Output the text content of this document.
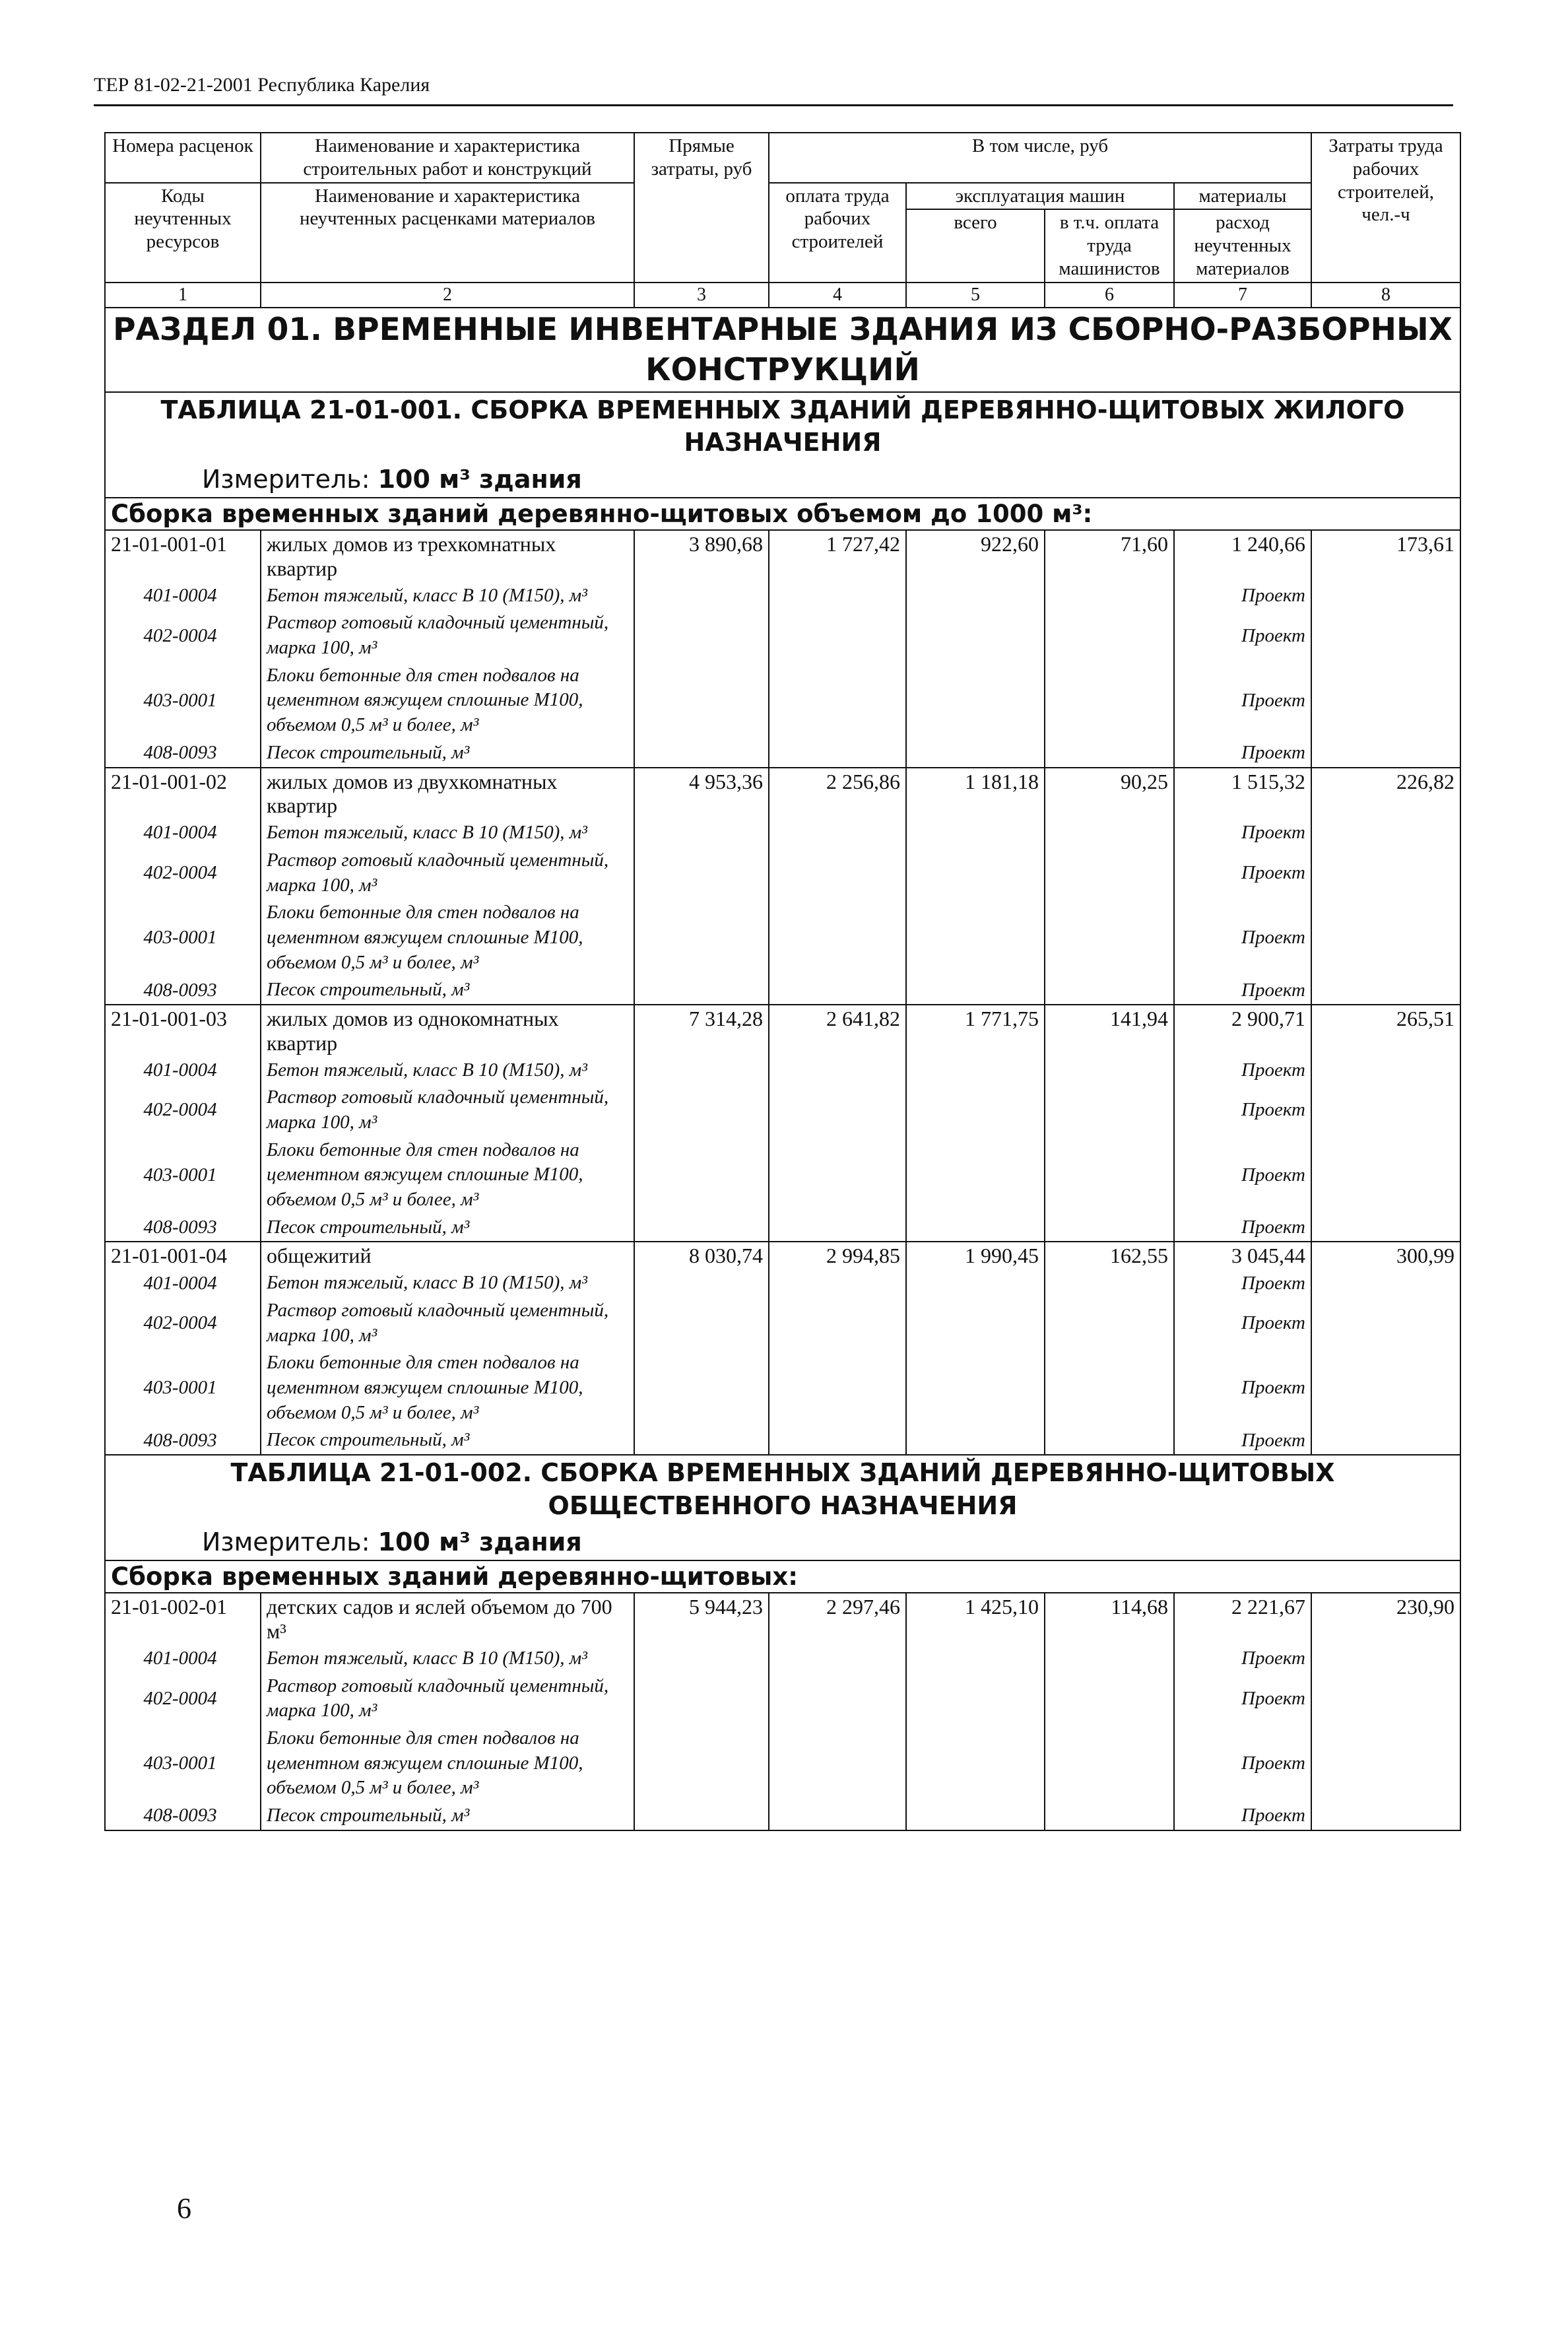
ТЕР 81-02-21-2001 Республика Карелия
Номера расценок	Наименование и характеристика строительных работ и конструкций	Прямые затраты, руб	В том числе, руб				Затраты труда рабочих строителей, чел.-ч
Коды неучтенных ресурсов	Наименование и характеристика неучтенных расценками материалов		оплата труда рабочих строителей	эксплуатация машин		материалы	
				всего	в т.ч. оплата труда машинистов	расход неучтенных материалов	
1	2	3	4	5	6	7	8
РАЗДЕЛ 01. ВРЕМЕННЫЕ ИНВЕНТАРНЫЕ ЗДАНИЯ ИЗ СБОРНО-РАЗБОРНЫХ КОНСТРУКЦИЙ							

ТАБЛИЦА 21-01-001. СБОРКА ВРЕМЕННЫХ ЗДАНИЙ ДЕРЕВЯННО-ЩИТОВЫХ ЖИЛОГО НАЗНАЧЕНИЯ
Измеритель: 100 м³ здания							

Сборка временных зданий деревянно-щитовых объемом до 1000 м³:							
21-01-001-01	жилых домов из трехкомнатных квартир	3 890,68	1 727,42	922,60	71,60	1 240,66	173,61
401-0004	Бетон тяжелый, класс В 10 (М150), м³					Проект	
402-0004	Раствор готовый кладочный цементный, марка 100, м³					Проект	
403-0001	Блоки бетонные для стен подвалов на цементном вяжущем сплошные М100, объемом 0,5 м³ и более, м³					Проект	
408-0093	Песок строительный, м³					Проект	
21-01-001-02	жилых домов из двухкомнатных квартир	4 953,36	2 256,86	1 181,18	90,25	1 515,32	226,82
401-0004	Бетон тяжелый, класс В 10 (М150), м³					Проект	
402-0004	Раствор готовый кладочный цементный, марка 100, м³					Проект	
403-0001	Блоки бетонные для стен подвалов на цементном вяжущем сплошные М100, объемом 0,5 м³ и более, м³					Проект	
408-0093	Песок строительный, м³					Проект	
21-01-001-03	жилых домов из однокомнатных квартир	7 314,28	2 641,82	1 771,75	141,94	2 900,71	265,51
401-0004	Бетон тяжелый, класс В 10 (М150), м³					Проект	
402-0004	Раствор готовый кладочный цементный, марка 100, м³					Проект	
403-0001	Блоки бетонные для стен подвалов на цементном вяжущем сплошные М100, объемом 0,5 м³ и более, м³					Проект	
408-0093	Песок строительный, м³					Проект	
21-01-001-04	общежитий	8 030,74	2 994,85	1 990,45	162,55	3 045,44	300,99
401-0004	Бетон тяжелый, класс В 10 (М150), м³					Проект	
402-0004	Раствор готовый кладочный цементный, марка 100, м³					Проект	
403-0001	Блоки бетонные для стен подвалов на цементном вяжущем сплошные М100, объемом 0,5 м³ и более, м³					Проект	
408-0093	Песок строительный, м³					Проект	

ТАБЛИЦА 21-01-002. СБОРКА ВРЕМЕННЫХ ЗДАНИЙ ДЕРЕВЯННО-ЩИТОВЫХ ОБЩЕСТВЕННОГО НАЗНАЧЕНИЯ
Измеритель: 100 м³ здания							

Сборка временных зданий деревянно-щитовых:							
21-01-002-01	детских садов и яслей объемом до 700 м³	5 944,23	2 297,46	1 425,10	114,68	2 221,67	230,90
401-0004	Бетон тяжелый, класс В 10 (М150), м³					Проект	
402-0004	Раствор готовый кладочный цементный, марка 100, м³					Проект	
403-0001	Блоки бетонные для стен подвалов на цементном вяжущем сплошные М100, объемом 0,5 м³ и более, м³					Проект	
408-0093	Песок строительный, м³					Проект	
6
